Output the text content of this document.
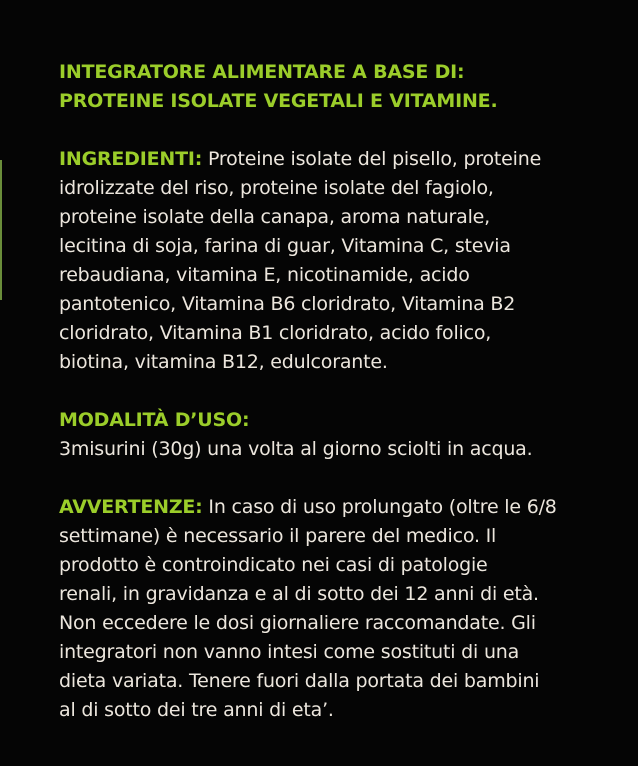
INTEGRATORE ALIMENTARE A BASE DI:
PROTEINE ISOLATE VEGETALI E VITAMINE.
INGREDIENTI: Proteine isolate del pisello, proteine
idrolizzate del riso, proteine isolate del fagiolo,
proteine isolate della canapa, aroma naturale,
lecitina di soja, farina di guar, Vitamina C, stevia
rebaudiana, vitamina E, nicotinamide, acido
pantotenico, Vitamina B6 cloridrato, Vitamina B2
cloridrato, Vitamina B1 cloridrato, acido folico,
biotina, vitamina B12, edulcorante.
MODALITÀ D’USO:
3misurini (30g) una volta al giorno sciolti in acqua.
AVVERTENZE: In caso di uso prolungato (oltre le 6/8
settimane) è necessario il parere del medico. Il
prodotto è controindicato nei casi di patologie
renali, in gravidanza e al di sotto dei 12 anni di età.
Non eccedere le dosi giornaliere raccomandate. Gli
integratori non vanno intesi come sostituti di una
dieta variata. Tenere fuori dalla portata dei bambini
al di sotto dei tre anni di eta’.
